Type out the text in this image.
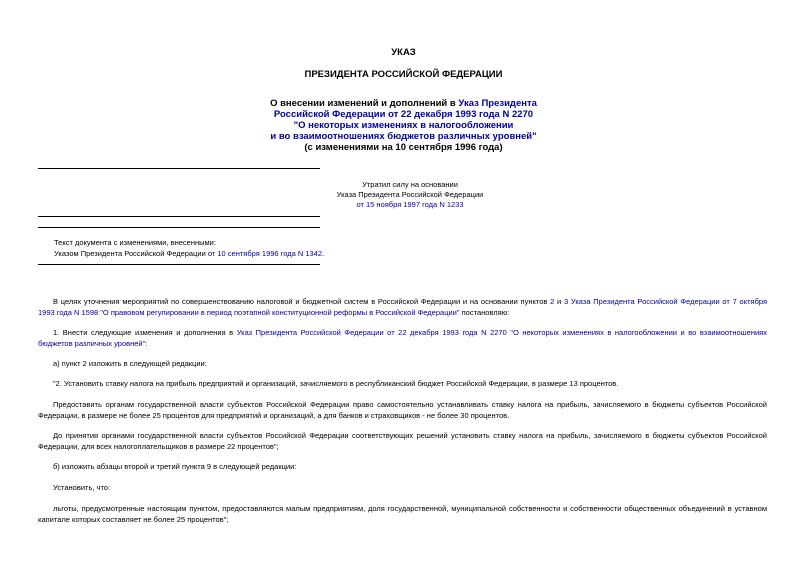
УКАЗ
ПРЕЗИДЕНТА РОССИЙСКОЙ ФЕДЕРАЦИИ
О внесении изменений и дополнений в Указ Президента
Российской Федерации от 22 декабря 1993 года N 2270
"О некоторых изменениях в налогообложении
и во взаимоотношениях бюджетов различных уровней"
(с изменениями на 10 сентября 1996 года)
Утратил силу на основании
Указа Президента Российской Федерации
от 15 ноября 1997 года N 1233
Текст документа с изменениями, внесенными:
Указом Президента Российской Федерации от 10 сентября 1996 года N 1342.
В целях уточнения мероприятий по совершенствованию налоговой и бюджетной систем в Российской Федерации и на основании пунктов 2 и 3 Указа Президента Российской Федерации от 7 октября 1993 года N 1598 "О правовом регулировании в период поэтапной конституционной реформы в Российской Федерации" постановляю:
1. Внести следующие изменения и дополнения в Указ Президента Российской Федерации от 22 декабря 1993 года N 2270 "О некоторых изменениях в налогообложении и во взаимоотношениях бюджетов различных уровней":
а) пункт 2 изложить в следующей редакции:
"2. Установить ставку налога на прибыль предприятий и организаций, зачисляемого в республиканский бюджет Российской Федерации, в размере 13 процентов.
Предоставить органам государственной власти субъектов Российской Федерации право самостоятельно устанавливать ставку налога на прибыль, зачисляемого в бюджеты субъектов Российской Федерации, в размере не более 25 процентов для предприятий и организаций, а для банков и страховщиков - не более 30 процентов.
До принятия органами государственной власти субъектов Российской Федерации соответствующих решений установить ставку налога на прибыль, зачисляемого в бюджеты субъектов Российской Федерации, для всех налогоплательщиков в размере 22 процентов";
б) изложить абзацы второй и третий пункта 9 в следующей редакции:
Установить, что:
льготы, предусмотренные настоящим пунктом, предоставляются малым предприятиям, доля государственной, муниципальной собственности и собственности общественных объединений в уставном капитале которых составляет не более 25 процентов";
